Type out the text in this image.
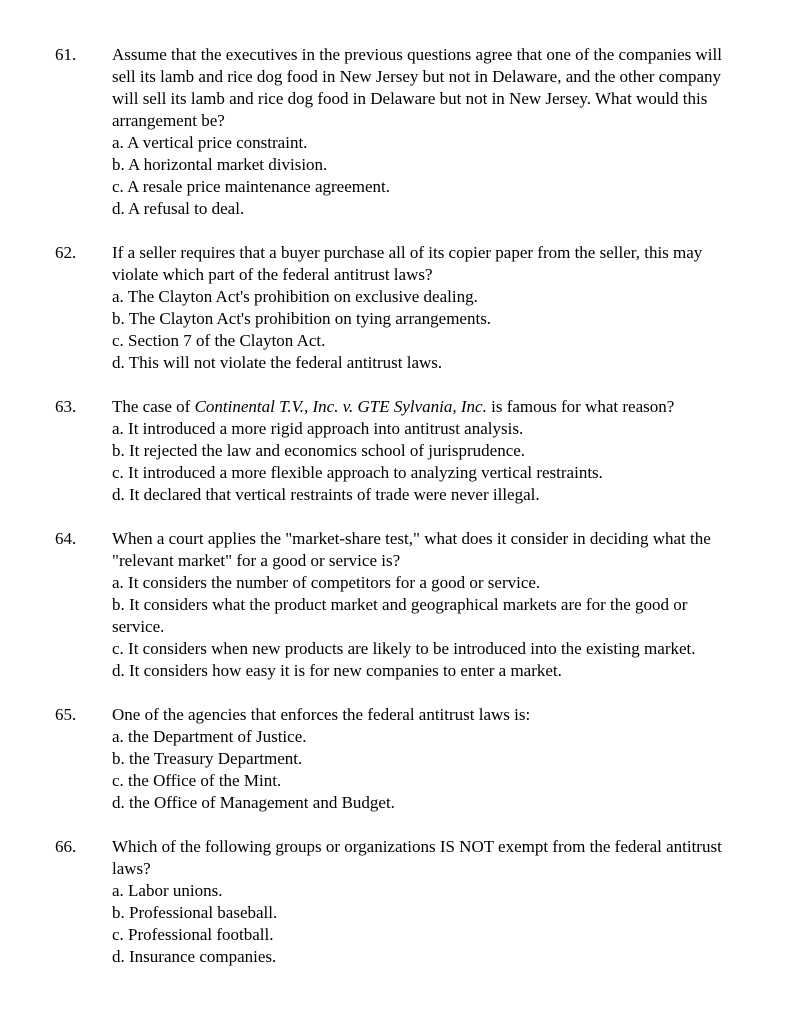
61. Assume that the executives in the previous questions agree that one of the companies will sell its lamb and rice dog food in New Jersey but not in Delaware, and the other company will sell its lamb and rice dog food in Delaware but not in New Jersey. What would this arrangement be?
a. A vertical price constraint.
b. A horizontal market division.
c. A resale price maintenance agreement.
d. A refusal to deal.
62. If a seller requires that a buyer purchase all of its copier paper from the seller, this may violate which part of the federal antitrust laws?
a. The Clayton Act's prohibition on exclusive dealing.
b. The Clayton Act's prohibition on tying arrangements.
c. Section 7 of the Clayton Act.
d. This will not violate the federal antitrust laws.
63. The case of Continental T.V., Inc. v. GTE Sylvania, Inc. is famous for what reason?
a. It introduced a more rigid approach into antitrust analysis.
b. It rejected the law and economics school of jurisprudence.
c. It introduced a more flexible approach to analyzing vertical restraints.
d. It declared that vertical restraints of trade were never illegal.
64. When a court applies the "market-share test," what does it consider in deciding what the "relevant market" for a good or service is?
a. It considers the number of competitors for a good or service.
b. It considers what the product market and geographical markets are for the good or service.
c. It considers when new products are likely to be introduced into the existing market.
d. It considers how easy it is for new companies to enter a market.
65. One of the agencies that enforces the federal antitrust laws is:
a. the Department of Justice.
b. the Treasury Department.
c. the Office of the Mint.
d. the Office of Management and Budget.
66. Which of the following groups or organizations IS NOT exempt from the federal antitrust laws?
a. Labor unions.
b. Professional baseball.
c. Professional football.
d. Insurance companies.
